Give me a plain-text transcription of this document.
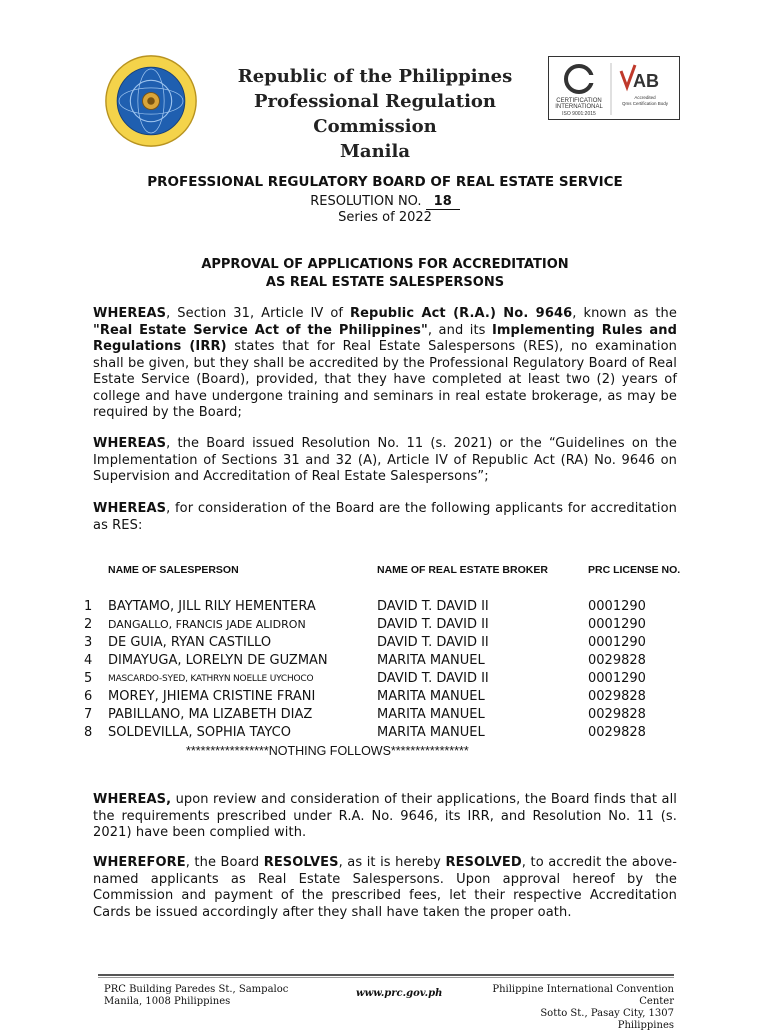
Republic of the Philippines
Professional Regulation Commission
Manila
CERTIFICATION
INTERNATIONAL
ISO 9001:2015
AB
Accredited
Qms Certification Body
PROFESSIONAL REGULATORY BOARD OF REAL ESTATE SERVICE
RESOLUTION NO. 18
Series of 2022
APPROVAL OF APPLICATIONS FOR ACCREDITATION
AS REAL ESTATE SALESPERSONS
WHEREAS, Section 31, Article IV of Republic Act (R.A.) No. 9646, known as the "Real Estate Service Act of the Philippines", and its Implementing Rules and Regulations (IRR) states that for Real Estate Salespersons (RES), no examination shall be given, but they shall be accredited by the Professional Regulatory Board of Real Estate Service (Board), provided, that they have completed at least two (2) years of college and have undergone training and seminars in real estate brokerage, as may be required by the Board;
WHEREAS, the Board issued Resolution No. 11 (s. 2021) or the “Guidelines on the Implementation of Sections 31 and 32 (A), Article IV of Republic Act (RA) No. 9646 on Supervision and Accreditation of Real Estate Salespersons”;
WHEREAS, for consideration of the Board are the following applicants for accreditation as RES:
NAME OF SALESPERSON	NAME OF REAL ESTATE BROKER	PRC LICENSE NO.
1 BAYTAMO, JILL RILY HEMENTERA	DAVID T. DAVID II	0001290
2 DANGALLO, FRANCIS JADE ALIDRON	DAVID T. DAVID II	0001290
3 DE GUIA, RYAN CASTILLO	DAVID T. DAVID II	0001290
4 DIMAYUGA, LORELYN DE GUZMAN	MARITA MANUEL	0029828
5 MASCARDO-SYED, KATHRYN NOELLE UYCHOCO	DAVID T. DAVID II	0001290
6 MOREY, JHIEMA CRISTINE FRANI	MARITA MANUEL	0029828
7 PABILLANO, MA LIZABETH DIAZ	MARITA MANUEL	0029828
8 SOLDEVILLA, SOPHIA TAYCO	MARITA MANUEL	0029828
*****************NOTHING FOLLOWS****************
WHEREAS, upon review and consideration of their applications, the Board finds that all the requirements prescribed under R.A. No. 9646, its IRR, and Resolution No. 11 (s. 2021) have been complied with.
WHEREFORE, the Board RESOLVES, as it is hereby RESOLVED, to accredit the above-named applicants as Real Estate Salespersons. Upon approval hereof by the Commission and payment of the prescribed fees, let their respective Accreditation Cards be issued accordingly after they shall have taken the proper oath.
PRC Building Paredes St., Sampaloc
Manila, 1008 Philippines
www.prc.gov.ph	Philippine International Convention Center
Sotto St., Pasay City, 1307 Philippines
